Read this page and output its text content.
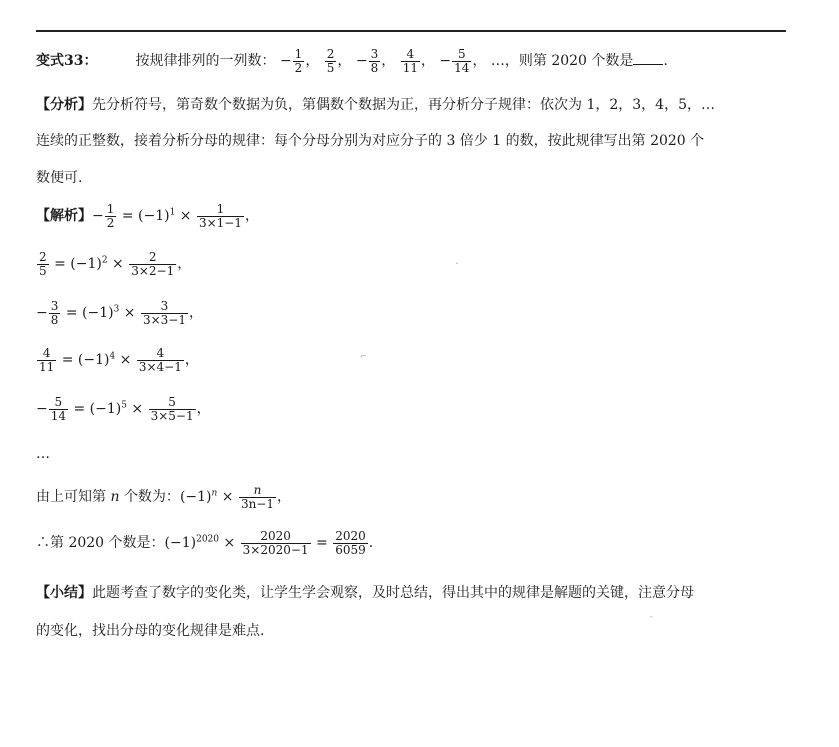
变式33：	按规律排列的一列数： − $\frac{1}{2}$ ， $\frac{2}{5}$ ， − $\frac{3}{8}$ ， $\frac{4}{11}$ ， − $\frac{5}{14}$ ， …，则第 2020 个数是 .
【分析】先分析符号，第奇数个数据为负，第偶数个数据为正，再分析分子规律：依次为 1，2，3，4，5，…
连续的正整数，接着分析分母的规律：每个分母分别为对应分子的 3 倍少 1 的数，按此规律写出第 2020 个
数便可.
【解析】− $\frac{1}{2} = (-1)^1 \times \frac{1}{3\times 1-1}$ ，
$\frac{2}{5} = (-1)^2 \times \frac{2}{3\times 2-1}$ ，
− $\frac{3}{8} = (-1)^3 \times \frac{3}{3\times 3-1}$ ，
$\frac{4}{11} = (-1)^4 \times \frac{4}{3\times 4-1}$ ，
− $\frac{5}{14} = (-1)^5 \times \frac{5}{3\times 5-1}$ ，
…
由上可知第 n 个数为：$(-1)^n \times \frac{n}{3n-1}$ ，
∴第 2020 个数是：$(-1)^{2020} \times \frac{2020}{3\times 2020-1} = \frac{2020}{6059}$ .
【小结】此题考查了数字的变化类，让学生学会观察，及时总结，得出其中的规律是解题的关键，注意分母
的变化，找出分母的变化规律是难点.
˘
⌐
‐
